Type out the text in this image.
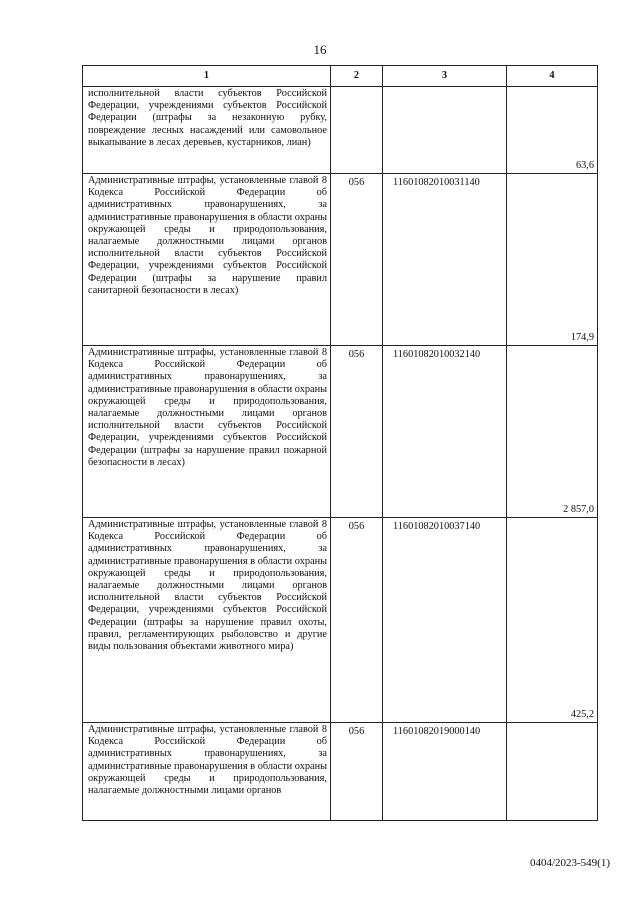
16
1	2	3	4
исполнительной власти субъектов Российской Федерации, учреждениями субъектов Российской Федерации (штрафы за незаконную рубку, повреждение лесных насаждений или самовольное выкапывание в лесах деревьев, кустарников, лиан)			63,6
Административные штрафы, установленные главой 8 Кодекса Российской Федерации об административных правонарушениях, за административные правонарушения в области охраны окружающей среды и природопользования, налагаемые должностными лицами органов исполнительной власти субъектов Российской Федерации, учреждениями субъектов Российской Федерации (штрафы за нарушение правил санитарной безопасности в лесах)	056	11601082010031140	174,9
Административные штрафы, установленные главой 8 Кодекса Российской Федерации об административных правонарушениях, за административные правонарушения в области охраны окружающей среды и природопользования, налагаемые должностными лицами органов исполнительной власти субъектов Российской Федерации, учреждениями субъектов Российской Федерации (штрафы за нарушение правил пожарной безопасности в лесах)	056	11601082010032140	2 857,0
Административные штрафы, установленные главой 8 Кодекса Российской Федерации об административных правонарушениях, за административные правонарушения в области охраны окружающей среды и природопользования, налагаемые должностными лицами органов исполнительной власти субъектов Российской Федерации, учреждениями субъектов Российской Федерации (штрафы за нарушение правил охоты, правил, регламентирующих рыболовство и другие виды пользования объектами животного мира)	056	11601082010037140	425,2
Административные штрафы, установленные главой 8 Кодекса Российской Федерации об административных правонарушениях, за административные правонарушения в области охраны окружающей среды и природопользования, налагаемые должностными лицами органов	056	11601082019000140	
0404/2023-549(1)
